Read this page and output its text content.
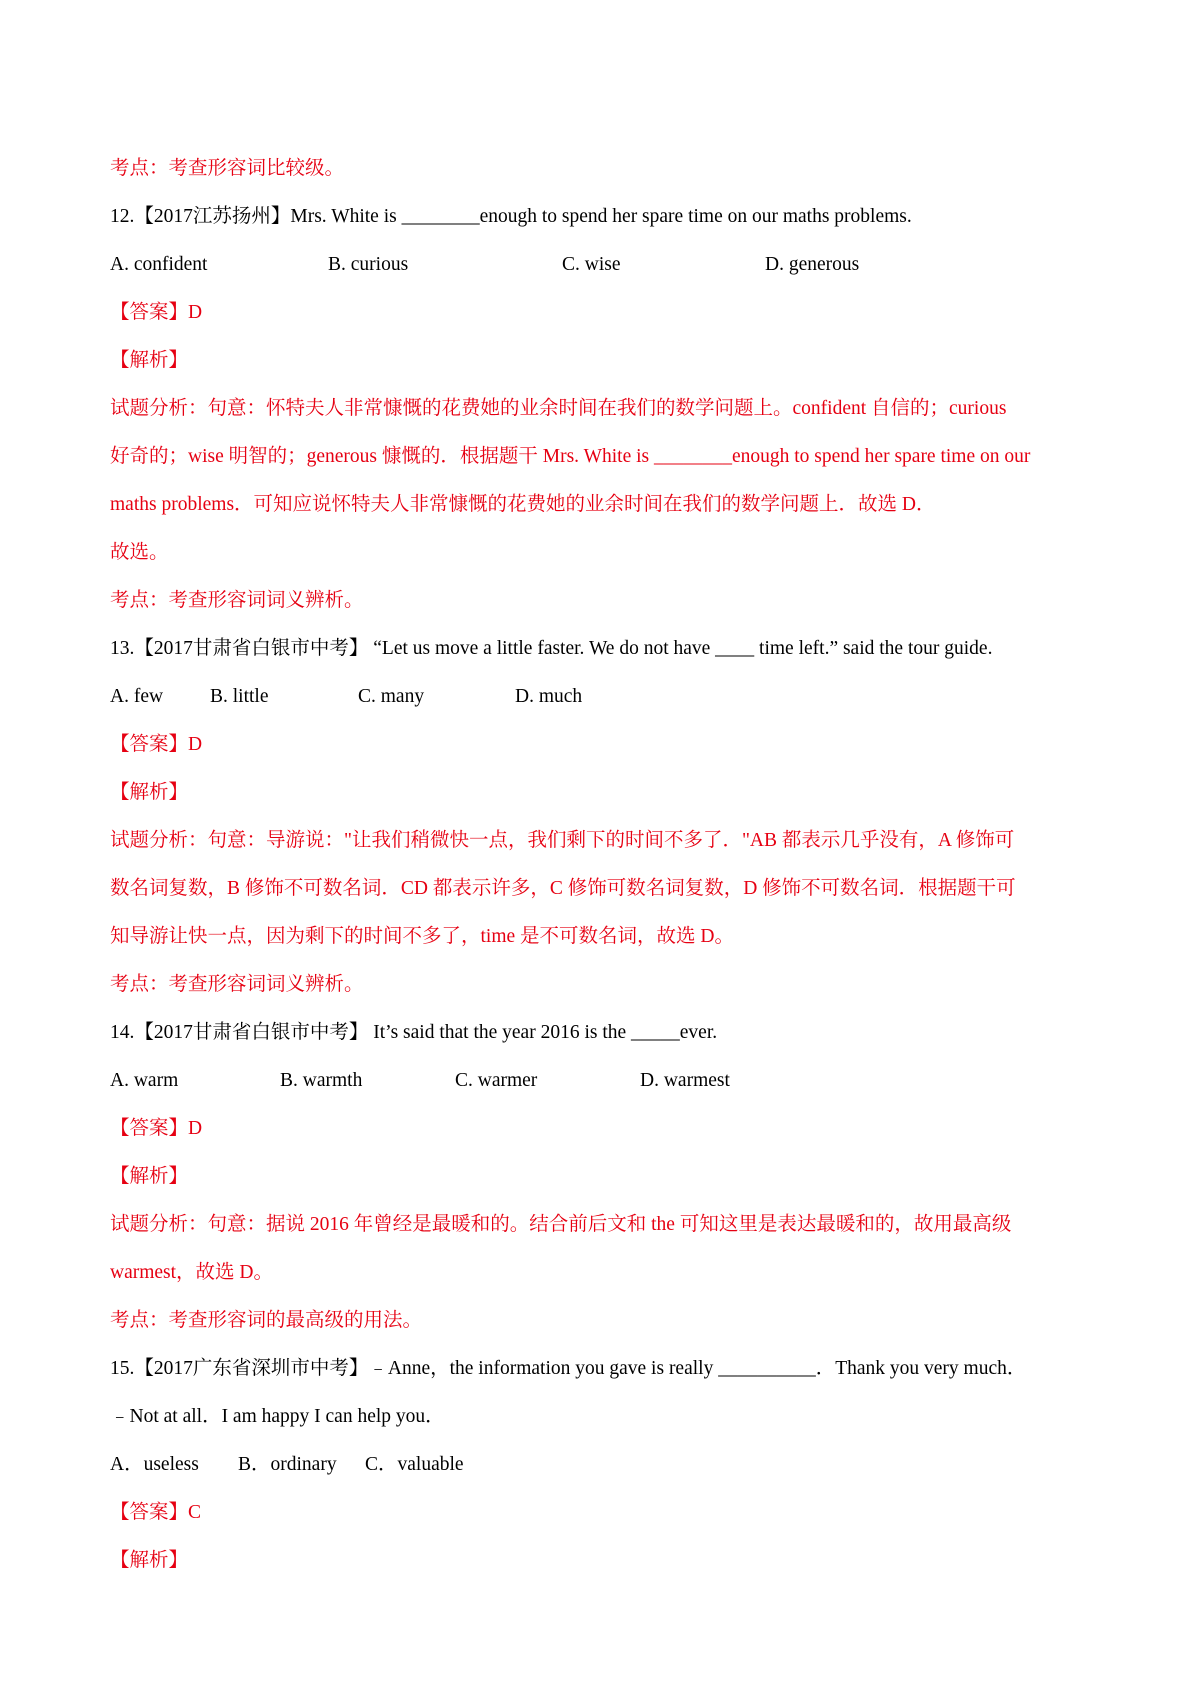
考点：考查形容词比较级。
12.【2017江苏扬州】Mrs. White is ________enough to spend her spare time on our maths problems.
A. confident	B. curious	C. wise	D. generous
【答案】D
【解析】
试题分析：句意：怀特夫人非常慷慨的花费她的业余时间在我们的数学问题上。confident 自信的；curious
好奇的；wise 明智的；generous 慷慨的．根据题干 Mrs. White is ________enough to spend her spare time on our
maths problems．可知应说怀特夫人非常慷慨的花费她的业余时间在我们的数学问题上．故选 D．
故选。
考点：考查形容词词义辨析。
13.【2017甘肃省白银市中考】 “Let us move a little faster. We do not have ____ time left.” said the tour guide.
A. few B. little	C. many	D. much
【答案】D
【解析】
试题分析：句意：导游说："让我们稍微快一点，我们剩下的时间不多了．"AB 都表示几乎没有，A 修饰可
数名词复数，B 修饰不可数名词．CD 都表示许多，C 修饰可数名词复数，D 修饰不可数名词．根据题干可
知导游让快一点，因为剩下的时间不多了，time 是不可数名词，故选 D。
考点：考查形容词词义辨析。
14.【2017甘肃省白银市中考】 It’s said that the year 2016 is the _____ever.
A. warm	B. warmth	C. warmer	D. warmest
【答案】D
【解析】
试题分析：句意：据说 2016 年曾经是最暖和的。结合前后文和 the 可知这里是表达最暖和的，故用最高级
warmest，故选 D。
考点：考查形容词的最高级的用法。
15.【2017广东省深圳市中考】﹣Anne，the information you gave is really __________．Thank you very much．
﹣Not at all．I am happy I can help you．
A．useless B．ordinary C．valuable
【答案】C
【解析】
